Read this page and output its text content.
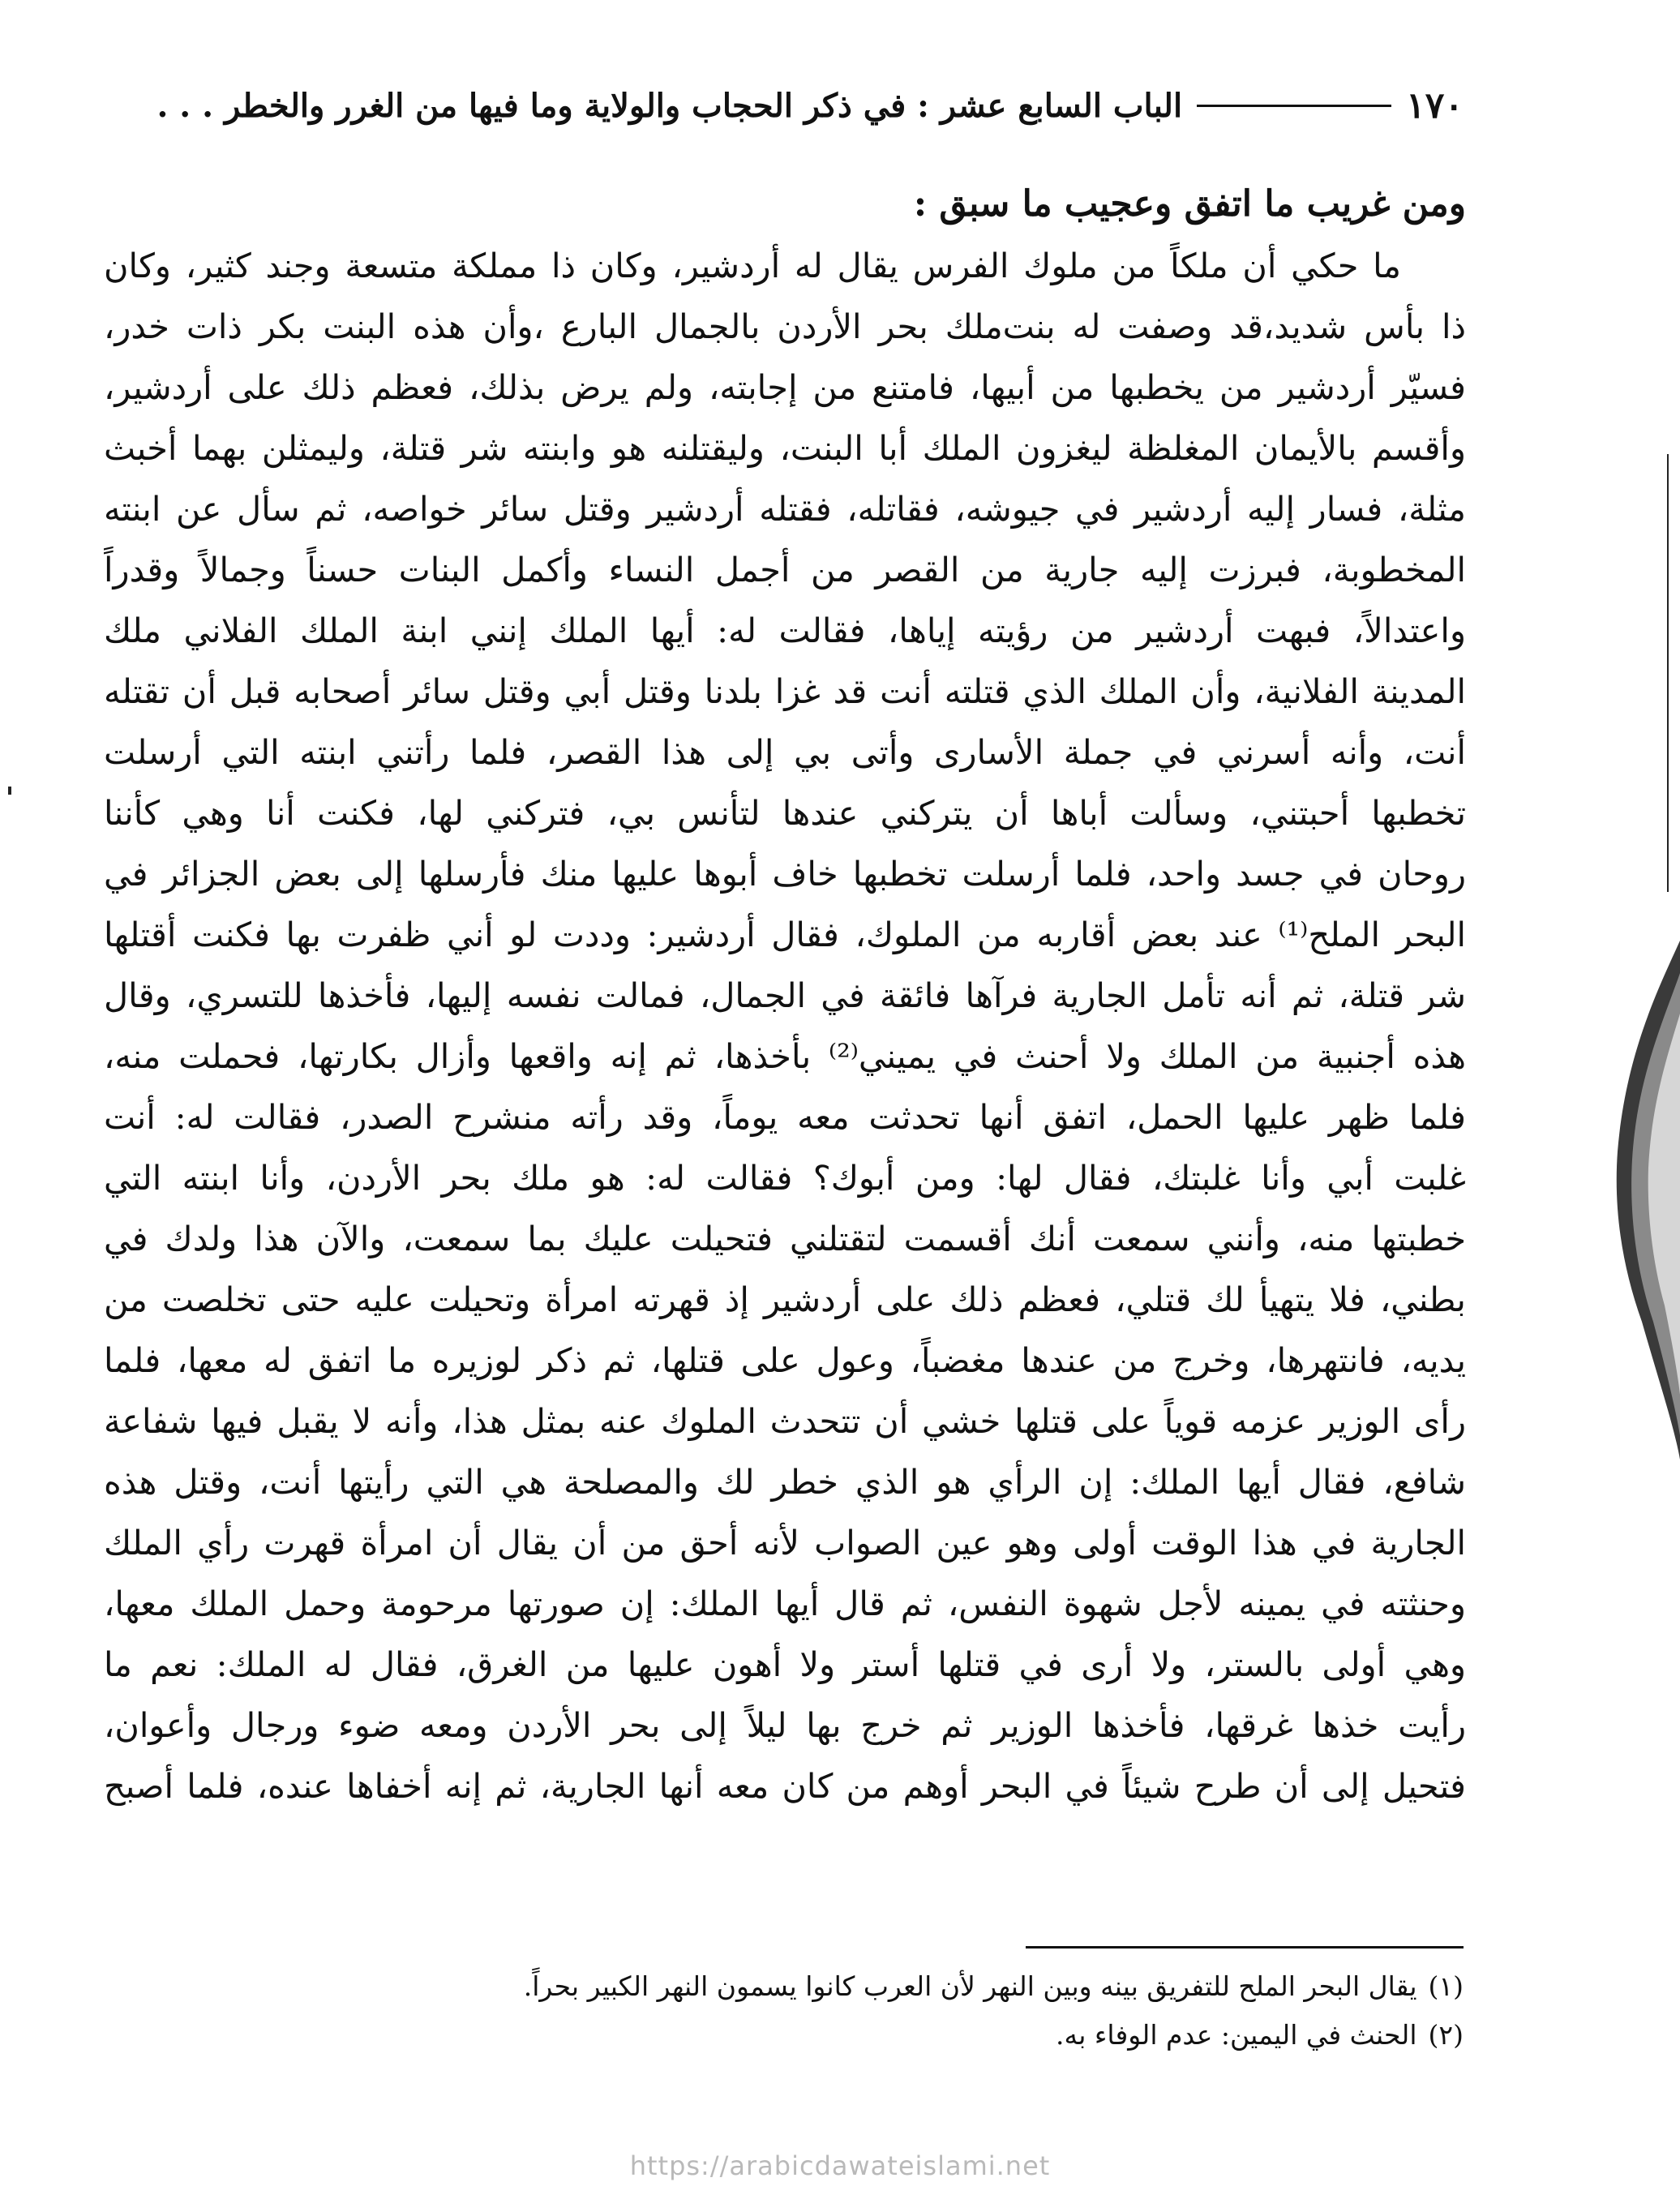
١٧٠
الباب السابع عشر : في ذكر الحجاب والولاية وما فيها من الغرر والخطر . . .
ومن غريب ما اتفق وعجيب ما سبق :
ما حكي أن ملكاً من ملوك الفرس يقال له أردشير، وكان ذا مملكة متسعة وجند كثير، وكان
ذا بأس شديد،قد وصفت له بنت‌ملك بحر الأردن بالجمال البارع ،وأن هذه البنت بكر ذات خدر،
فسيّر أردشير من يخطبها من أبيها، فامتنع من إجابته، ولم يرض بذلك، فعظم ذلك على أردشير،
وأقسم بالأيمان المغلظة ليغزون الملك أبا البنت، وليقتلنه هو وابنته شر قتلة، وليمثلن بهما أخبث
مثلة، فسار إليه أردشير في جيوشه، فقاتله، فقتله أردشير وقتل سائر خواصه، ثم سأل عن ابنته
المخطوبة، فبرزت إليه جارية من القصر من أجمل النساء وأكمل البنات حسناً وجمالاً وقدراً
واعتدالاً، فبهت أردشير من رؤيته إياها، فقالت له: أيها الملك إنني ابنة الملك الفلاني ملك
المدينة الفلانية، وأن الملك الذي قتلته أنت قد غزا بلدنا وقتل أبي وقتل سائر أصحابه قبل أن تقتله
أنت، وأنه أسرني في جملة الأسارى وأتى بي إلى هذا القصر، فلما رأتني ابنته التي أرسلت
تخطبها أحبتني، وسألت أباها أن يتركني عندها لتأنس بي، فتركني لها، فكنت أنا وهي كأننا
روحان في جسد واحد، فلما أرسلت تخطبها خاف أبوها عليها منك فأرسلها إلى بعض الجزائر في
البحر الملح⁽¹⁾ عند بعض أقاربه من الملوك، فقال أردشير: وددت لو أني ظفرت بها فكنت أقتلها
شر قتلة، ثم أنه تأمل الجارية فرآها فائقة في الجمال، فمالت نفسه إليها، فأخذها للتسري، وقال
هذه أجنبية من الملك ولا أحنث في يميني⁽²⁾ بأخذها، ثم إنه واقعها وأزال بكارتها، فحملت منه،
فلما ظهر عليها الحمل، اتفق أنها تحدثت معه يوماً، وقد رأته منشرح الصدر، فقالت له: أنت
غلبت أبي وأنا غلبتك، فقال لها: ومن أبوك؟ فقالت له: هو ملك بحر الأردن، وأنا ابنته التي
خطبتها منه، وأنني سمعت أنك أقسمت لتقتلني فتحيلت عليك بما سمعت، والآن هذا ولدك في
بطني، فلا يتهيأ لك قتلي، فعظم ذلك على أردشير إذ قهرته امرأة وتحيلت عليه حتى تخلصت من
يديه، فانتهرها، وخرج من عندها مغضباً، وعول على قتلها، ثم ذكر لوزيره ما اتفق له معها، فلما
رأى الوزير عزمه قوياً على قتلها خشي أن تتحدث الملوك عنه بمثل هذا، وأنه لا يقبل فيها شفاعة
شافع، فقال أيها الملك: إن الرأي هو الذي خطر لك والمصلحة هي التي رأيتها أنت، وقتل هذه
الجارية في هذا الوقت أولى وهو عين الصواب لأنه أحق من أن يقال أن امرأة قهرت رأي الملك
وحنثته في يمينه لأجل شهوة النفس، ثم قال أيها الملك: إن صورتها مرحومة وحمل الملك معها،
وهي أولى بالستر، ولا أرى في قتلها أستر ولا أهون عليها من الغرق، فقال له الملك: نعم ما
رأيت خذها غرقها، فأخذها الوزير ثم خرج بها ليلاً إلى بحر الأردن ومعه ضوء ورجال وأعوان،
فتحيل إلى أن طرح شيئاً في البحر أوهم من كان معه أنها الجارية، ثم إنه أخفاها عنده، فلما أصبح
(١)يقال البحر الملح للتفريق بينه وبين النهر لأن العرب كانوا يسمون النهر الكبير بحراً.
(٢)الحنث في اليمين: عدم الوفاء به.
https://arabicdawateislami.net
